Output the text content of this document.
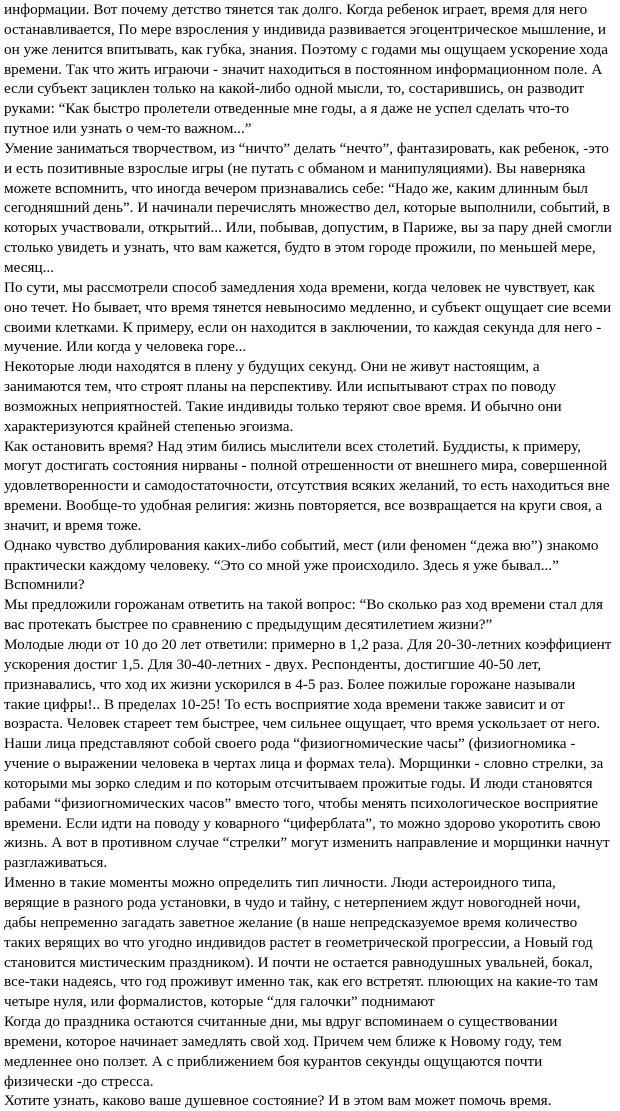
информации. Вот почему детство тянется так долго. Когда ребенок играет, время для него останавливается, По мере взросления у индивида развивается эгоцентрическое мышление, и он уже ленится впитывать, как губка, знания. Поэтому с годами мы ощущаем ускорение хода времени. Так что жить играючи - значит находиться в постоянном информационном поле. А если субъект зациклен только на какой-либо одной мысли, то, состарившись, он разводит руками: “Как быстро пролетели отведенные мне годы, а я даже не успел сделать что-то путное или узнать о чем-то важном...”

Умение заниматься творчеством, из “ничто” делать “нечто”, фантазировать, как ребенок, -это и есть позитивные взрослые игры (не путать с обманом и манипуляциями). Вы наверняка можете вспомнить, что иногда вечером признавались себе: “Надо же, каким длинным был сегодняшний день”. И начинали перечислять множество дел, которые выполнили, событий, в которых участвовали, открытий... Или, побывав, допустим, в Париже, вы за пару дней смогли столько увидеть и узнать, что вам кажется, будто в этом городе прожили, по меньшей мере, месяц...

По сути, мы рассмотрели способ замедления хода времени, когда человек не чувствует, как оно течет. Но бывает, что время тянется невыносимо медленно, и субъект ощущает сие всеми своими клетками. К примеру, если он находится в заключении, то каждая секунда для него - мучение. Или когда у человека горе...

Некоторые люди находятся в плену у будущих секунд. Они не живут настоящим, а занимаются тем, что строят планы на перспективу. Или испытывают страх по поводу возможных неприятностей. Такие индивиды только теряют свое время. И обычно они характеризуются крайней степенью эгоизма.

Как остановить время? Над этим бились мыслители всех столетий. Буддисты, к примеру, могут достигать состояния нирваны - полной отрешенности от внешнего мира, совершенной удовлетворенности и самодостаточности, отсутствия всяких желаний, то есть находиться вне времени. Вообще-то удобная религия: жизнь повторяется, все возвращается на круги своя, а значит, и время тоже.

Однако чувство дублирования каких-либо событий, мест (или феномен “дежа вю”) знакомо практически каждому человеку. “Это со мной уже происходило. Здесь я уже бывал...” Вспомнили?

Мы предложили горожанам ответить на такой вопрос: “Во сколько раз ход времени стал для вас протекать быстрее по сравнению с предыдущим десятилетием жизни?”

Молодые люди от 10 до 20 лет ответили: примерно в 1,2 раза. Для 20-30-летних коэффициент ускорения достиг 1,5. Для 30-40-летних - двух. Респонденты, достигшие 40-50 лет, признавались, что ход их жизни ускорился в 4-5 раз. Более пожилые горожане называли такие цифры!.. В пределах 10-25! То есть восприятие хода времени также зависит и от возраста. Человек стареет тем быстрее, чем сильнее ощущает, что время ускользает от него.

Наши лица представляют собой своего рода “физиогномические часы” (физиогномика - учение о выражении человека в чертах лица и формах тела). Морщинки - словно стрелки, за которыми мы зорко следим и по которым отсчитываем прожитые годы. И люди становятся рабами “физиогномических часов” вместо того, чтобы менять психологическое восприятие времени. Если идти на поводу у коварного “циферблата”, то можно здорово укоротить свою жизнь. А вот в противном случае “стрелки” могут изменить направление и морщинки начнут разглаживаться.

Именно в такие моменты можно определить тип личности. Люди астероидного типа, верящие в разного рода установки, в чудо и тайну, с нетерпением ждут новогодней ночи, дабы непременно загадать заветное желание (в наше непредсказуемое время количество таких верящих во что угодно индивидов растет в геометрической прогрессии, а Новый год становится мистическим праздником). И почти не остается равнодушных увальней, бокал, все-таки надеясь, что год проживут именно так, как его встретят. плюющих на какие-то там четыре нуля, или формалистов, которые “для галочки” поднимают

Когда до праздника остаются считанные дни, мы вдруг вспоминаем о существовании времени, которое начинает замедлять свой ход. Причем чем ближе к Новому году, тем медленнее оно ползет. А с приближением боя курантов секунды ощущаются почти физически -до стресса.

Хотите узнать, каково ваше душевное состояние? И в этом вам может помочь время.
